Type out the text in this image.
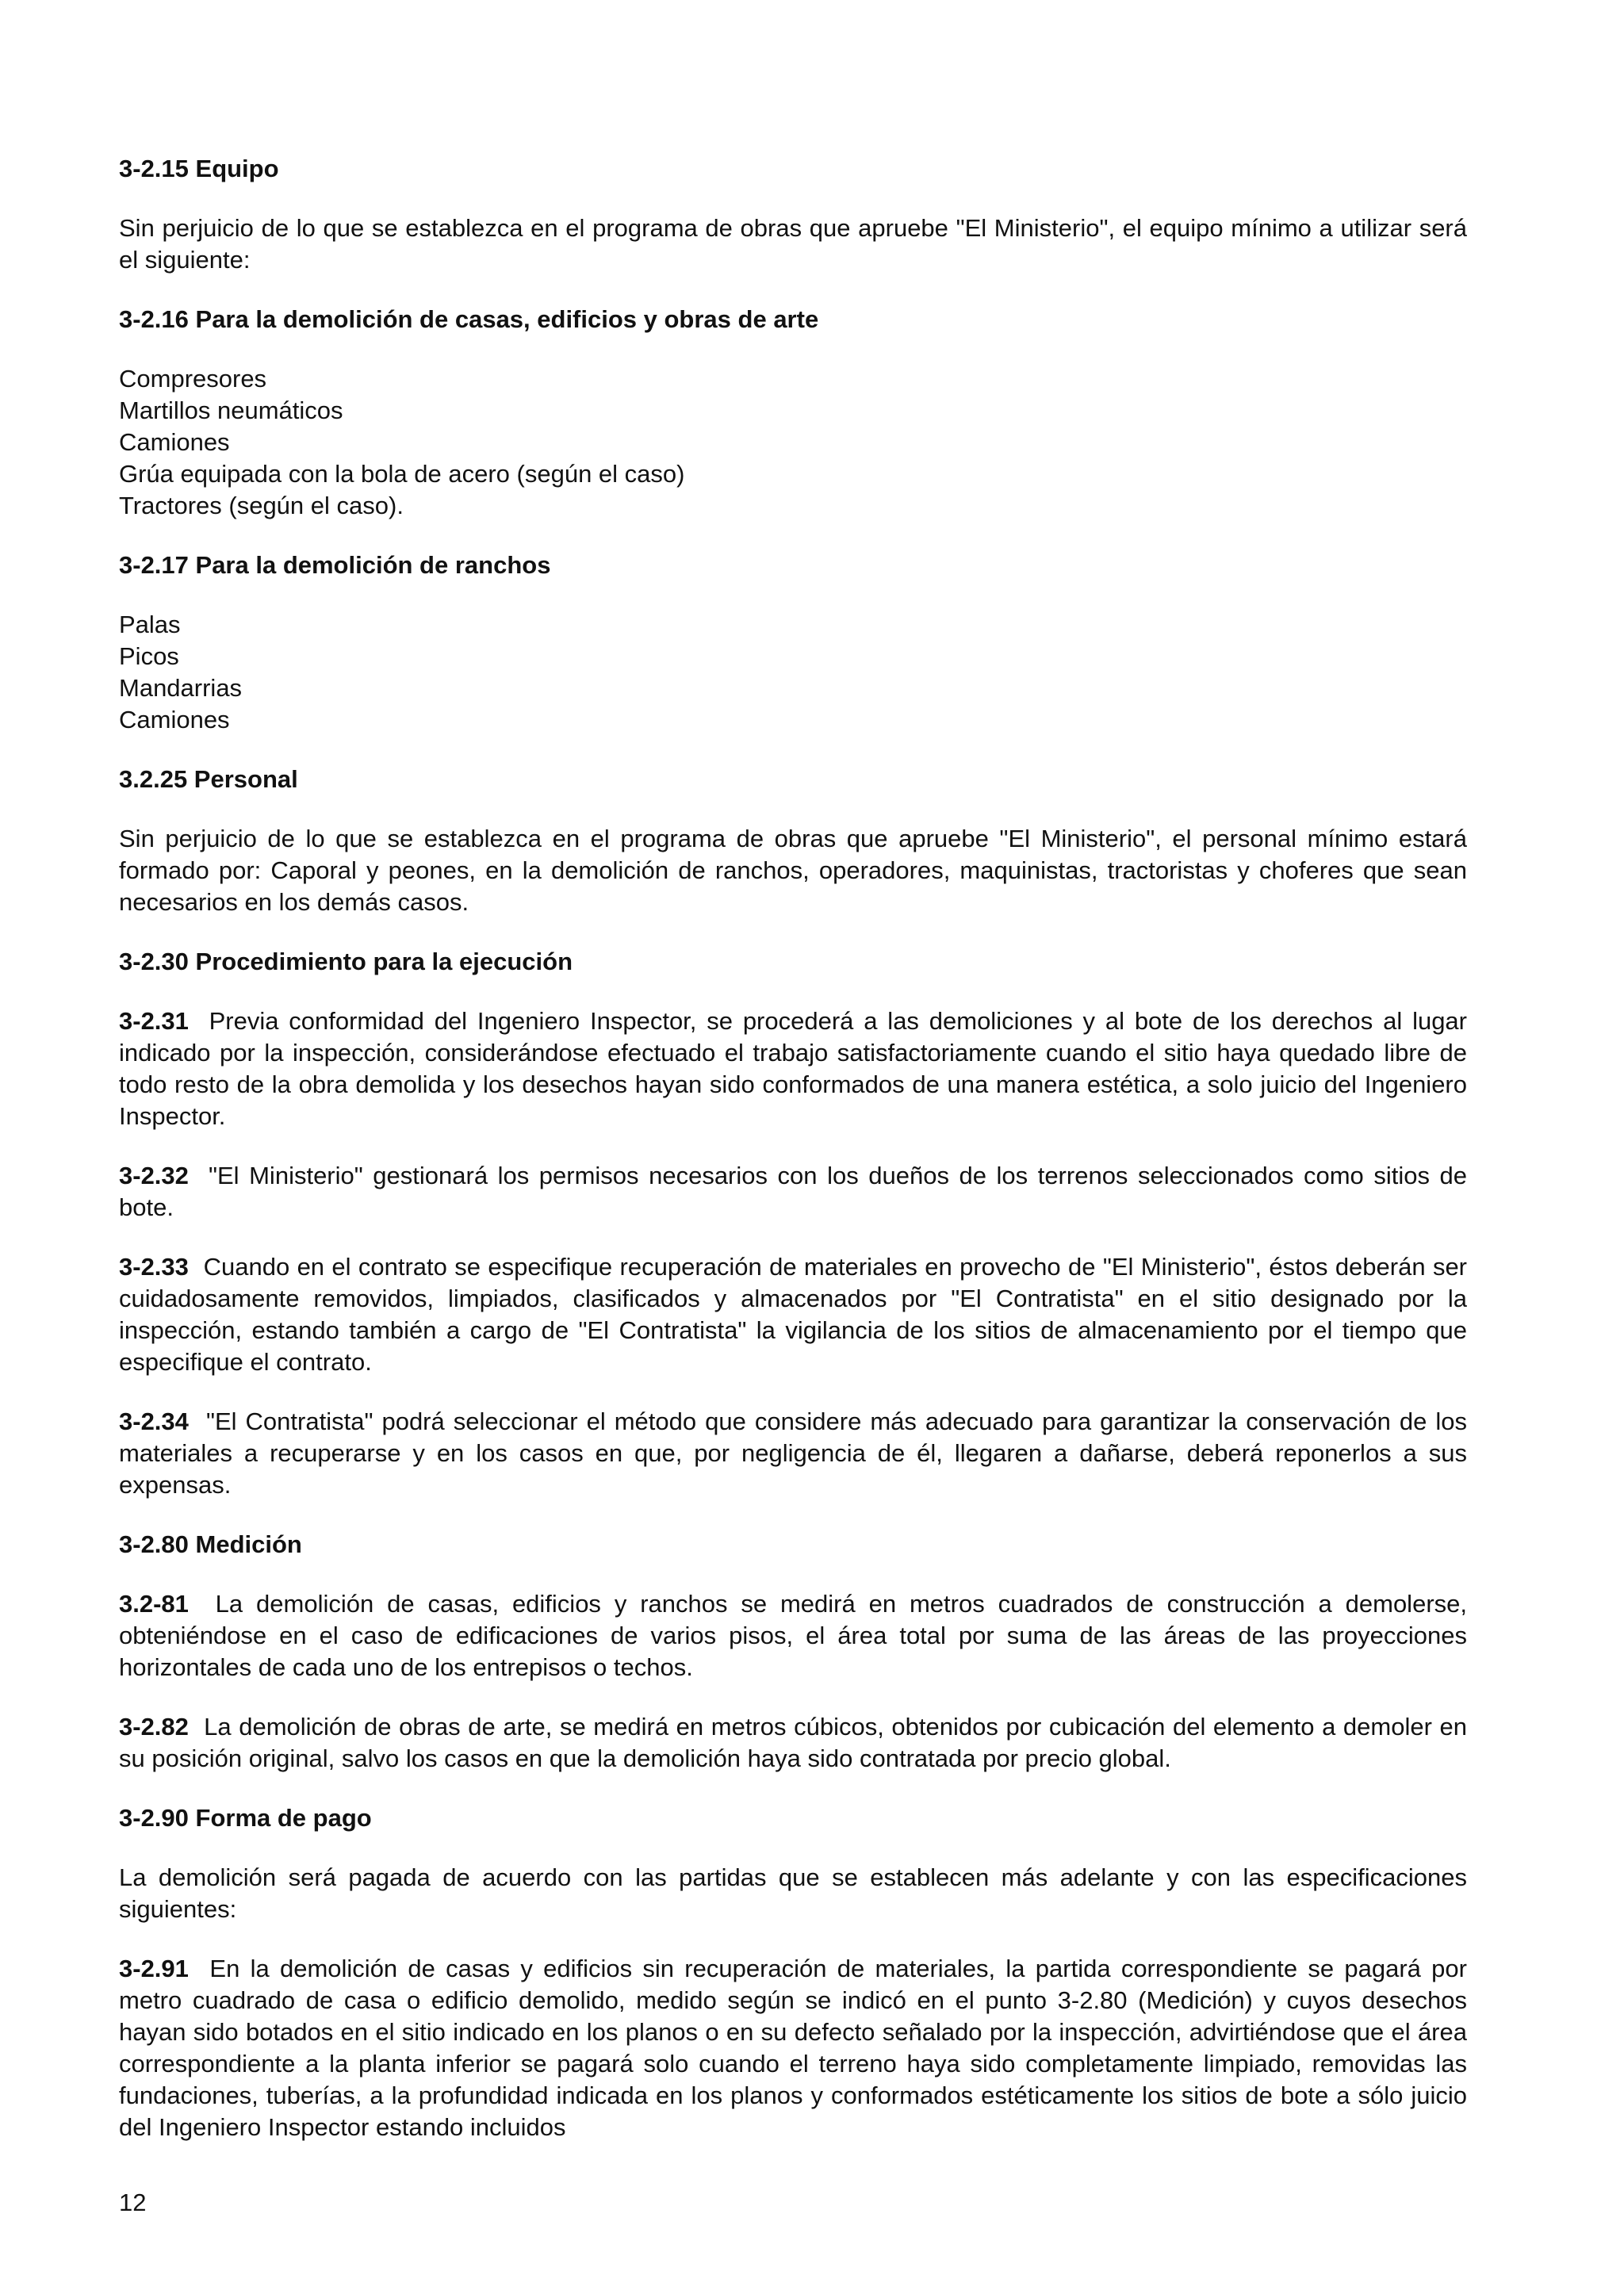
3-2.15 Equipo

Sin perjuicio de lo que se establezca en el programa de obras que apruebe "El Ministerio", el equipo mínimo a utilizar será el siguiente:

3-2.16 Para la demolición de casas, edificios y obras de arte

Compresores
Martillos neumáticos
Camiones
Grúa equipada con la bola de acero (según el caso)
Tractores (según el caso).

3-2.17 Para la demolición de ranchos

Palas
Picos
Mandarrias
Camiones

3.2.25 Personal

Sin perjuicio de lo que se establezca en el programa de obras que apruebe "El Ministerio", el personal mínimo estará formado por: Caporal y peones, en la demolición de ranchos, operadores, maquinistas, tractoristas y choferes que sean necesarios en los demás casos.

3-2.30 Procedimiento para la ejecución

3-2.31 Previa conformidad del Ingeniero Inspector, se procederá a las demoliciones y al bote de los derechos al lugar indicado por la inspección, considerándose efectuado el trabajo satisfactoriamente cuando el sitio haya quedado libre de todo resto de la obra demolida y los desechos hayan sido conformados de una manera estética, a solo juicio del Ingeniero Inspector.

3-2.32 "El Ministerio" gestionará los permisos necesarios con los dueños de los terrenos seleccionados como sitios de bote.

3-2.33 Cuando en el contrato se especifique recuperación de materiales en provecho de "El Ministerio", éstos deberán ser cuidadosamente removidos, limpiados, clasificados y almacenados por "El Contratista" en el sitio designado por la inspección, estando también a cargo de "El Contratista" la vigilancia de los sitios de almacenamiento por el tiempo que especifique el contrato.

3-2.34 "El Contratista" podrá seleccionar el método que considere más adecuado para garantizar la conservación de los materiales a recuperarse y en los casos en que, por negligencia de él, llegaren a dañarse, deberá reponerlos a sus expensas.

3-2.80 Medición

3.2-81 La demolición de casas, edificios y ranchos se medirá en metros cuadrados de construcción a demolerse, obteniéndose en el caso de edificaciones de varios pisos, el área total por suma de las áreas de las proyecciones horizontales de cada uno de los entrepisos o techos.

3-2.82 La demolición de obras de arte, se medirá en metros cúbicos, obtenidos por cubicación del elemento a demoler en su posición original, salvo los casos en que la demolición haya sido contratada por precio global.

3-2.90 Forma de pago

La demolición será pagada de acuerdo con las partidas que se establecen más adelante y con las especificaciones siguientes:

3-2.91 En la demolición de casas y edificios sin recuperación de materiales, la partida correspondiente se pagará por metro cuadrado de casa o edificio demolido, medido según se indicó en el punto 3-2.80 (Medición) y cuyos desechos hayan sido botados en el sitio indicado en los planos o en su defecto señalado por la inspección, advirtiéndose que el área correspondiente a la planta inferior se pagará solo cuando el terreno haya sido completamente limpiado, removidas las fundaciones, tuberías, a la profundidad indicada en los planos y conformados estéticamente los sitios de bote a sólo juicio del Ingeniero Inspector estando incluidos

12
